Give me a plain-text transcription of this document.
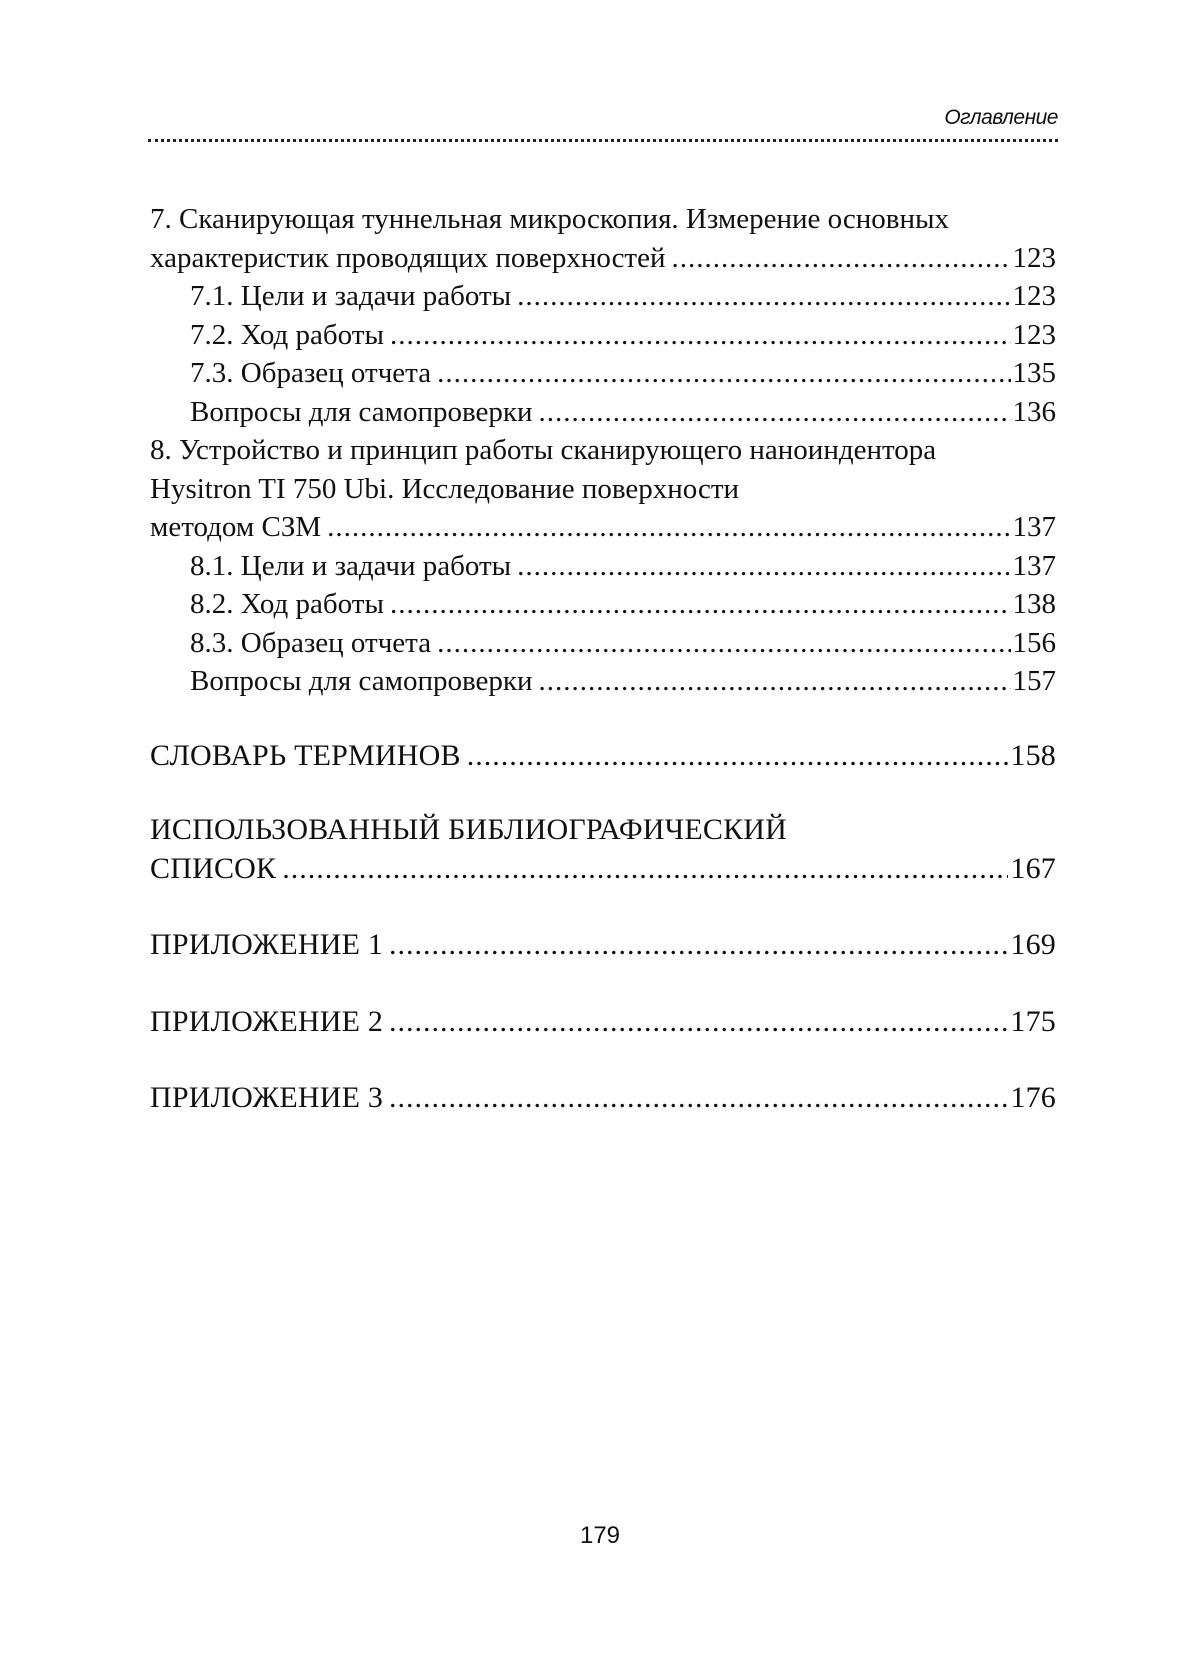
Оглавление
7. Сканирующая туннельная микроскопия. Измерение основных
характеристик проводящих поверхностей .....	123
7.1. Цели и задачи работы .....	123
7.2. Ход работы .....	123
7.3. Образец отчета .....	135
Вопросы для самопроверки .....	136
8. Устройство и принцип работы сканирующего наноиндентора
Hysitron TI 750 Ubi. Исследование поверхности
методом СЗМ .....	137
8.1. Цели и задачи работы .....	137
8.2. Ход работы .....	138
8.3. Образец отчета .....	156
Вопросы для самопроверки .....	157
СЛОВАРЬ ТЕРМИНОВ .....	158
ИСПОЛЬЗОВАННЫЙ БИБЛИОГРАФИЧЕСКИЙ
СПИСОК .....	167
ПРИЛОЖЕНИЕ 1 .....	169
ПРИЛОЖЕНИЕ 2 .....	175
ПРИЛОЖЕНИЕ 3 .....	176
179
